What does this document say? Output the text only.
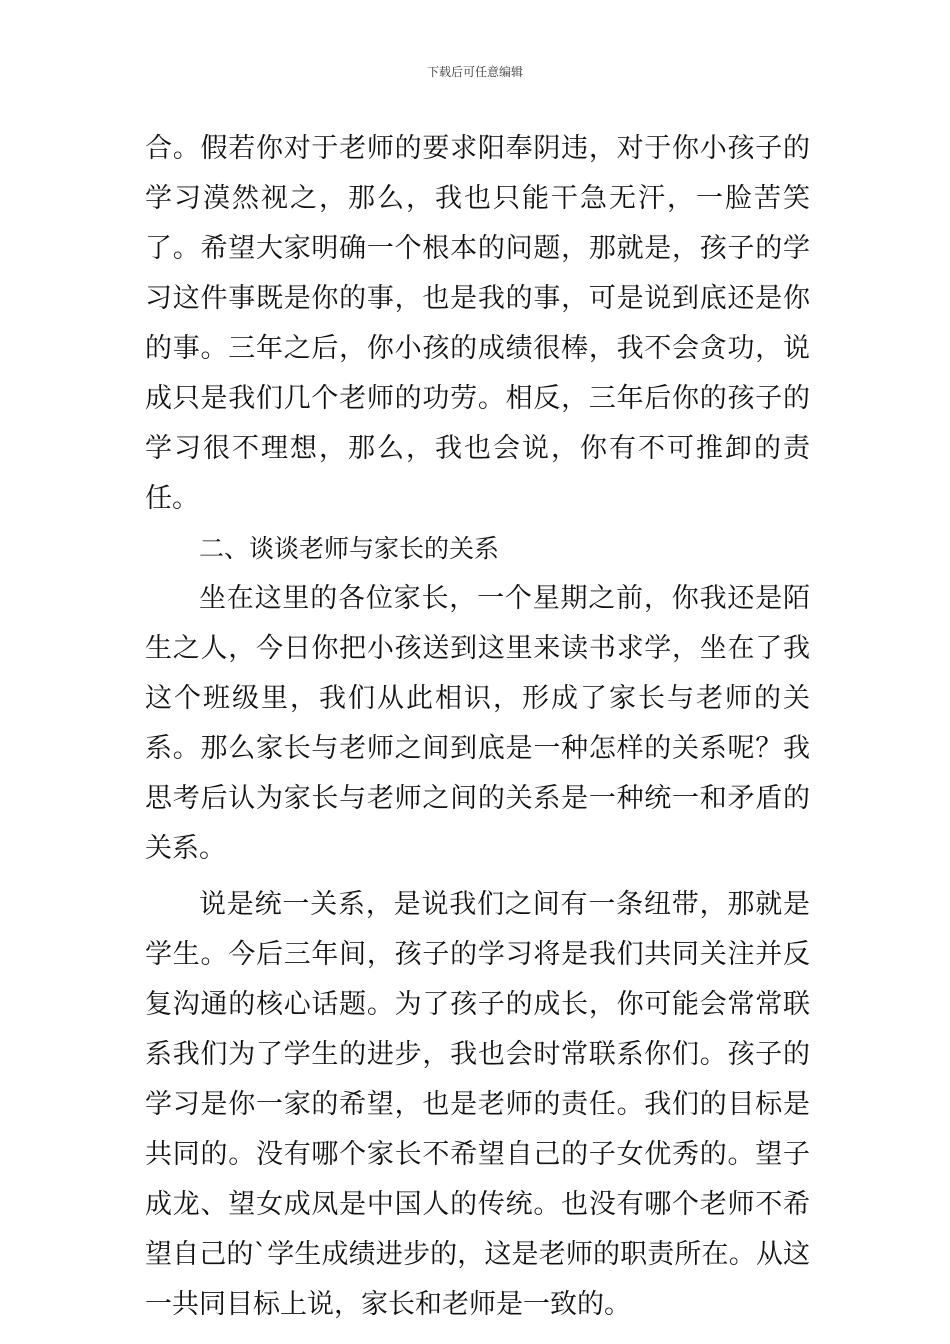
下载后可任意编辑

合。假若你对于老师的要求阳奉阴违，对于你小孩子的学习漠然视之，那么，我也只能干急无汗，一脸苦笑了。希望大家明确一个根本的问题，那就是，孩子的学习这件事既是你的事，也是我的事，可是说到底还是你的事。三年之后，你小孩的成绩很棒，我不会贪功，说成只是我们几个老师的功劳。相反，三年后你的孩子的学习很不理想，那么，我也会说，你有不可推卸的责任。

二、谈谈老师与家长的关系

坐在这里的各位家长，一个星期之前，你我还是陌生之人，今日你把小孩送到这里来读书求学，坐在了我这个班级里，我们从此相识，形成了家长与老师的关系。那么家长与老师之间到底是一种怎样的关系呢？我思考后认为家长与老师之间的关系是一种统一和矛盾的关系。

说是统一关系，是说我们之间有一条纽带，那就是学生。今后三年间，孩子的学习将是我们共同关注并反复沟通的核心话题。为了孩子的成长，你可能会常常联系我们为了学生的进步，我也会时常联系你们。孩子的学习是你一家的希望，也是老师的责任。我们的目标是共同的。没有哪个家长不希望自己的子女优秀的。望子成龙、望女成凤是中国人的传统。也没有哪个老师不希望自己的`学生成绩进步的，这是老师的职责所在。从这一共同目标上说，家长和老师是一致的。
